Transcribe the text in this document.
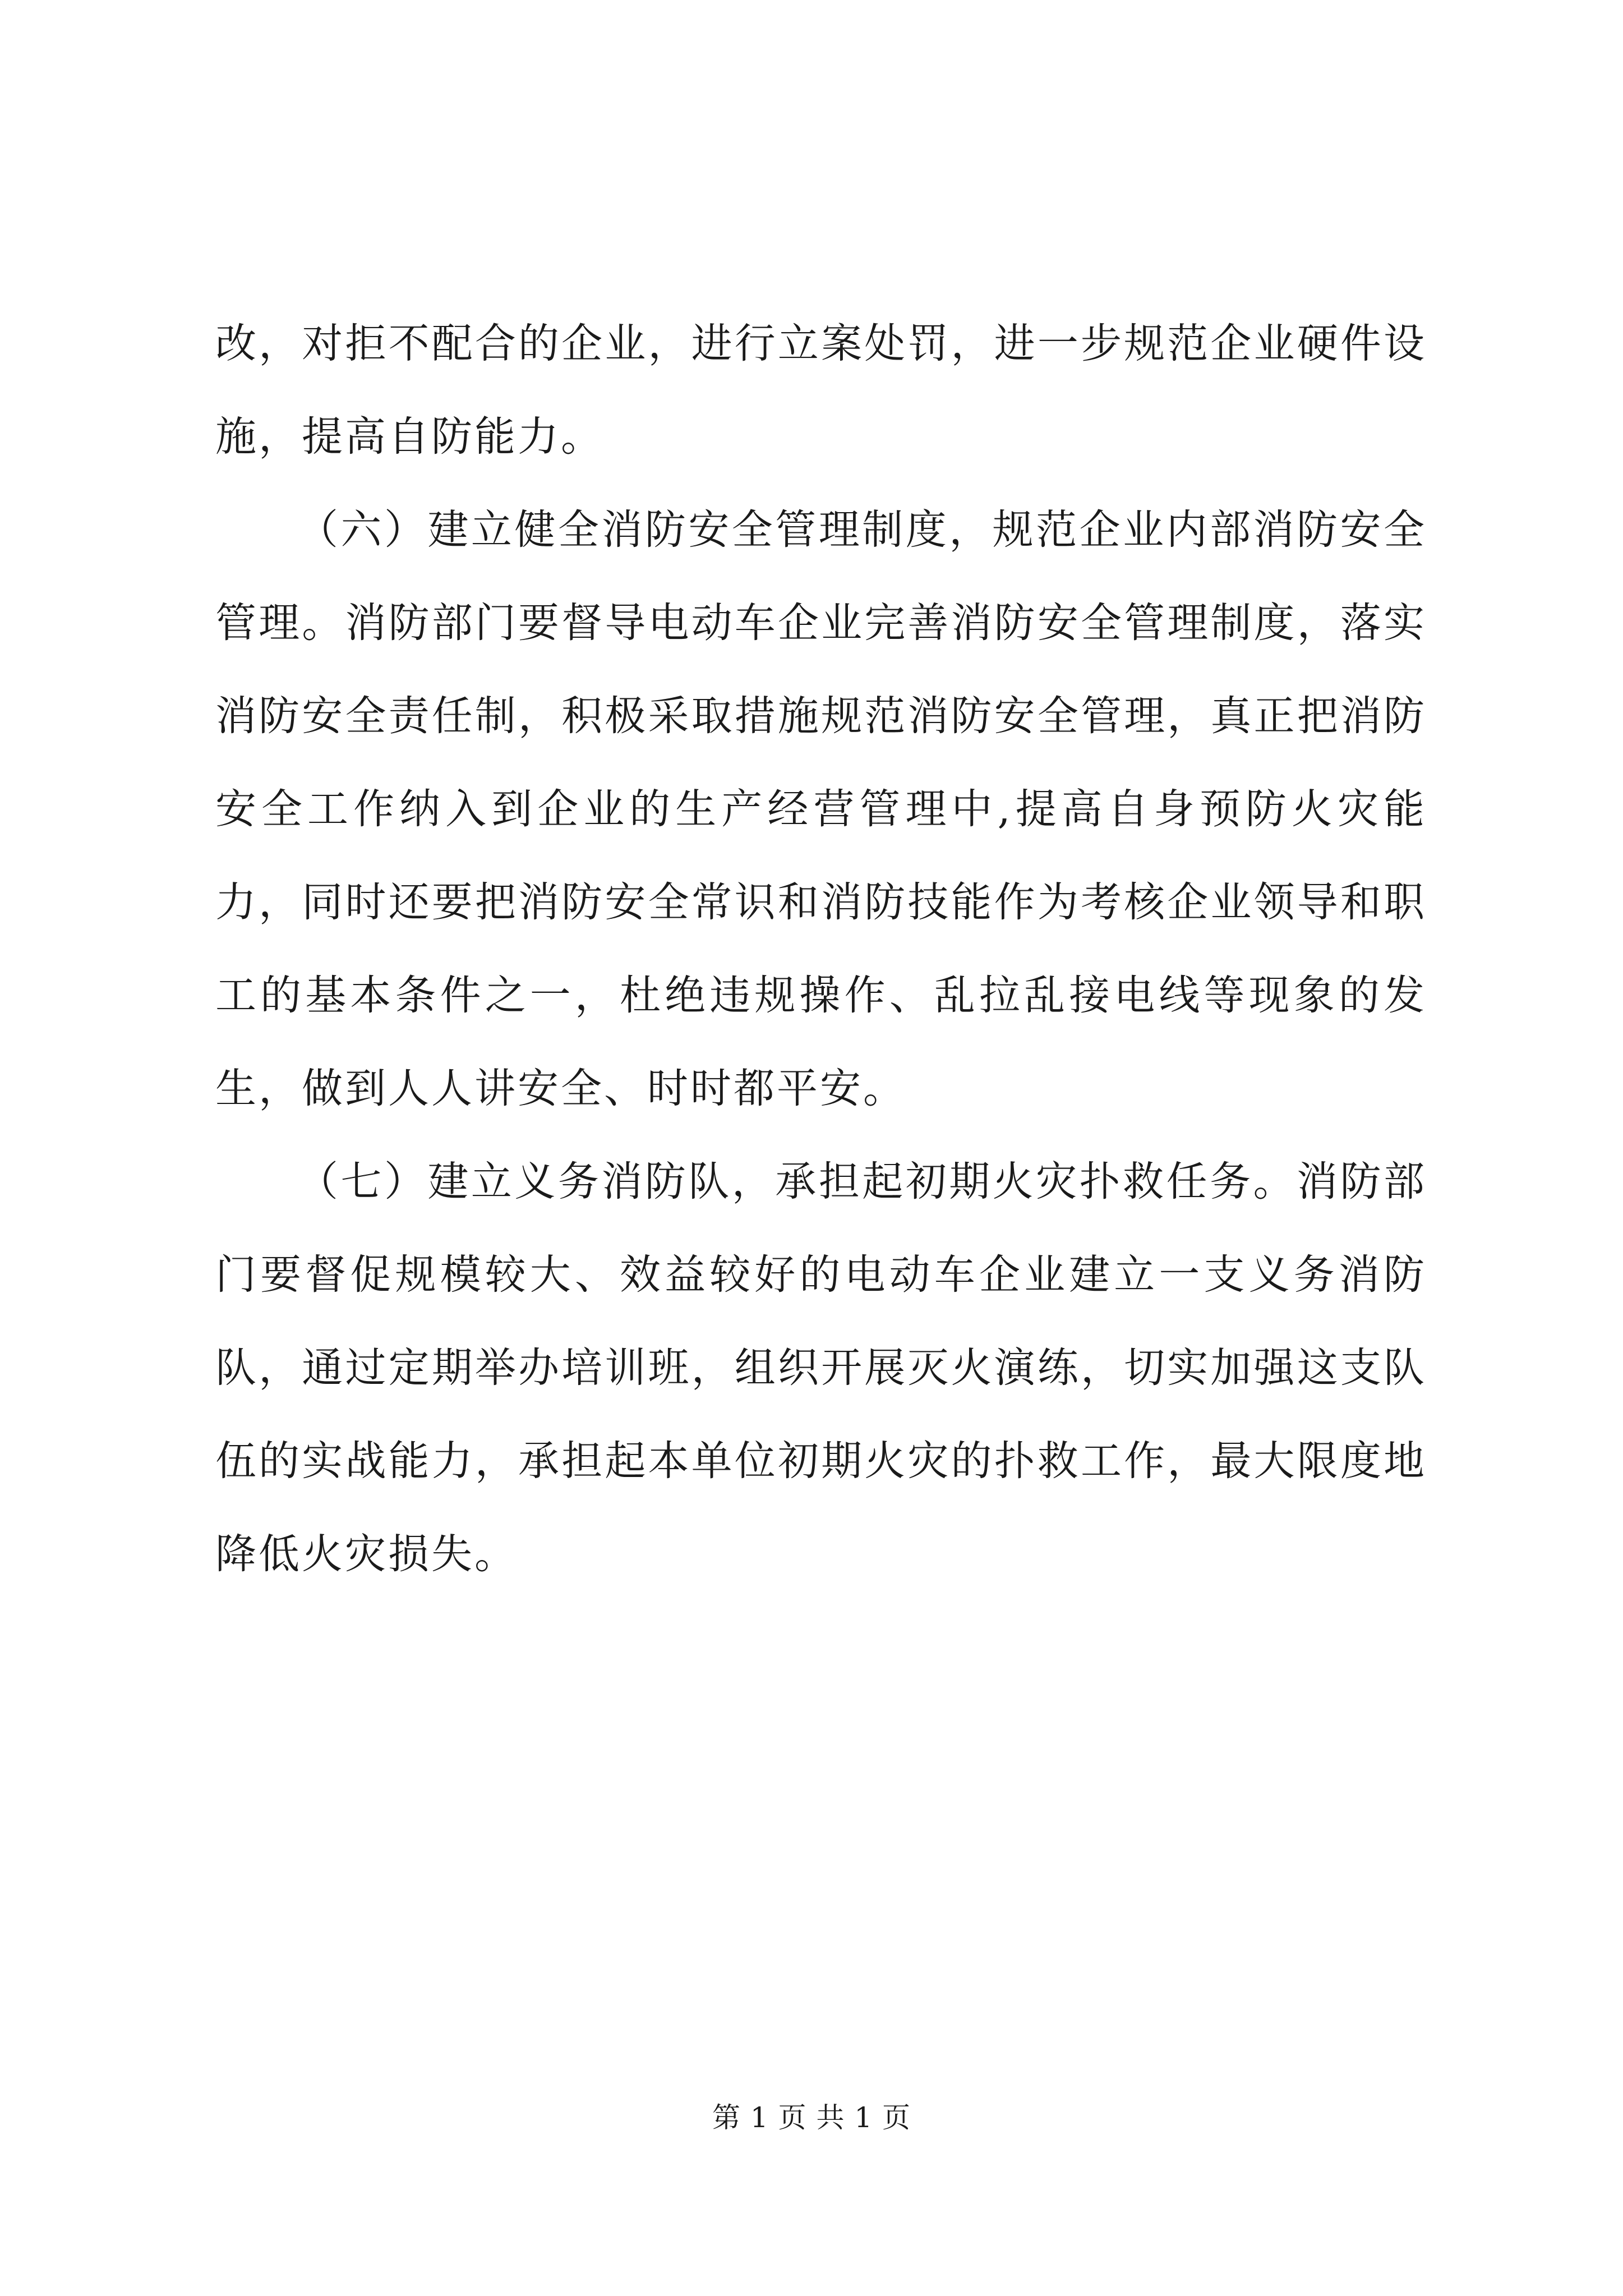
改，对拒不配合的企业，进行立案处罚，进一步规范企业硬件设施，提高自防能力。

（六）建立健全消防安全管理制度，规范企业内部消防安全管理。消防部门要督导电动车企业完善消防安全管理制度，落实消防安全责任制，积极采取措施规范消防安全管理，真正把消防安全工作纳入到企业的生产经营管理中,提高自身预防火灾能力，同时还要把消防安全常识和消防技能作为考核企业领导和职工的基本条件之一，杜绝违规操作、乱拉乱接电线等现象的发生，做到人人讲安全、时时都平安。

（七）建立义务消防队，承担起初期火灾扑救任务。消防部门要督促规模较大、效益较好的电动车企业建立一支义务消防队，通过定期举办培训班，组织开展灭火演练，切实加强这支队伍的实战能力，承担起本单位初期火灾的扑救工作，最大限度地降低火灾损失。

第 1 页 共 1 页
